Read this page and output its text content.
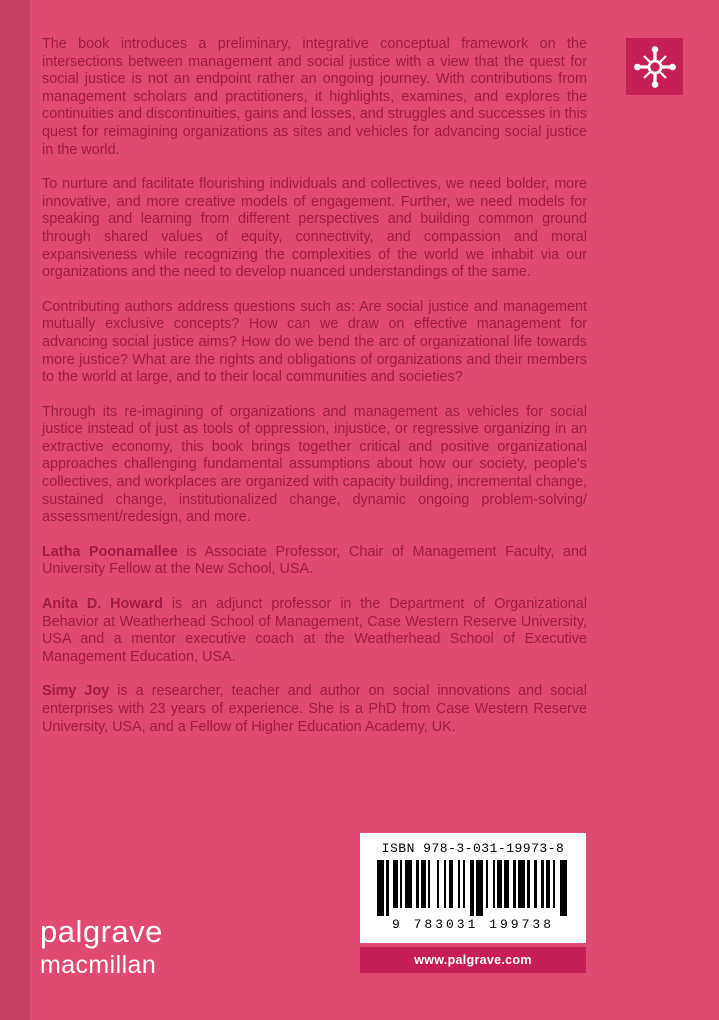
The book introduces a preliminary, integrative conceptual framework on the intersections between management and social justice with a view that the quest for social justice is not an endpoint rather an ongoing journey. With contributions from management scholars and practitioners, it highlights, examines, and explores the continuities and discontinuities, gains and losses, and struggles and successes in this quest for reimagining organizations as sites and vehicles for advancing social justice in the world.

To nurture and facilitate flourishing individuals and collectives, we need bolder, more innovative, and more creative models of engagement. Further, we need models for speaking and learning from different perspectives and building common ground through shared values of equity, connectivity, and compassion and moral expansiveness while recognizing the complexities of the world we inhabit via our organizations and the need to develop nuanced understandings of the same.

Contributing authors address questions such as: Are social justice and management mutually exclusive concepts? How can we draw on effective management for advancing social justice aims? How do we bend the arc of organizational life towards more justice? What are the rights and obligations of organizations and their members to the world at large, and to their local communities and societies?

Through its re-imagining of organizations and management as vehicles for social justice instead of just as tools of oppression, injustice, or regressive organizing in an extractive economy, this book brings together critical and positive organizational approaches challenging fundamental assumptions about how our society, people's collectives, and workplaces are organized with capacity building, incremental change, sustained change, institutionalized change, dynamic ongoing problem-solving/ assessment/redesign, and more.

Latha Poonamallee is Associate Professor, Chair of Management Faculty, and University Fellow at the New School, USA.

Anita D. Howard is an adjunct professor in the Department of Organizational Behavior at Weatherhead School of Management, Case Western Reserve University, USA and a mentor executive coach at the Weatherhead School of Executive Management Education, USA.

Simy Joy is a researcher, teacher and author on social innovations and social enterprises with 23 years of experience. She is a PhD from Case Western Reserve University, USA, and a Fellow of Higher Education Academy, UK.

palgrave
macmillan
ISBN 978-3-031-19973-8
9 783031 199738
www.palgrave.com
